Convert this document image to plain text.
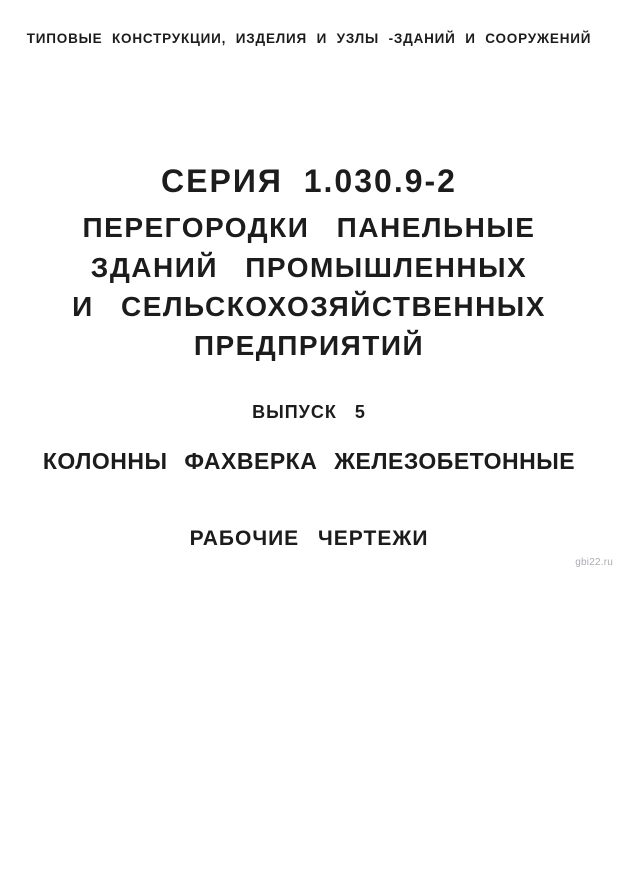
ТИПОВЫЕ КОНСТРУКЦИИ, ИЗДЕЛИЯ И УЗЛЫ -ЗДАНИЙ И СООРУЖЕНИЙ
СЕРИЯ 1.030.9-2
ПЕРЕГОРОДКИ ПАНЕЛЬНЫЕ
ЗДАНИЙ ПРОМЫШЛЕННЫХ
И СЕЛЬСКОХОЗЯЙСТВЕННЫХ
ПРЕДПРИЯТИЙ
ВЫПУСК 5
КОЛОННЫ ФАХВЕРКА ЖЕЛЕЗОБЕТОННЫЕ
РАБОЧИЕ ЧЕРТЕЖИ
gbi22.ru
